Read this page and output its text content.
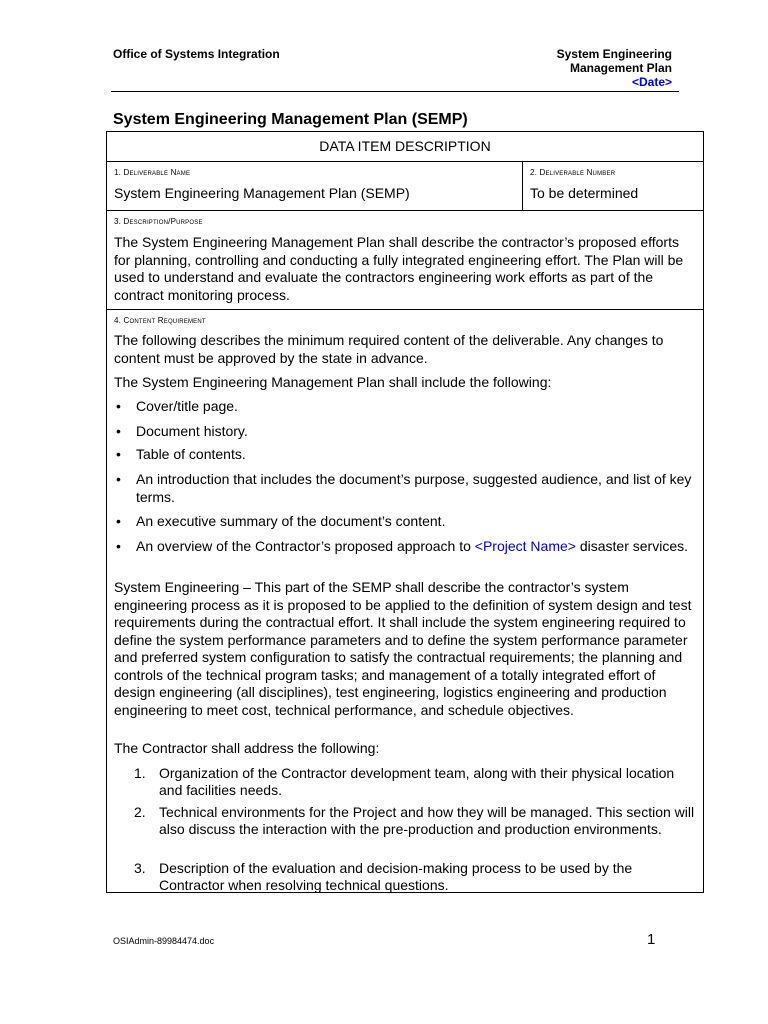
Office of Systems Integration	System Engineering
Management Plan
<Date>
System Engineering Management Plan (SEMP)
DATA ITEM DESCRIPTION
1. Deliverable Name
System Engineering Management Plan (SEMP)
2. Deliverable Number
To be determined
3. Description/Purpose
The System Engineering Management Plan shall describe the contractor’s proposed efforts for planning, controlling and conducting a fully integrated engineering effort. The Plan will be used to understand and evaluate the contractors engineering work efforts as part of the contract monitoring process.
4. Content Requirement
The following describes the minimum required content of the deliverable. Any changes to content must be approved by the state in advance.
The System Engineering Management Plan shall include the following:
• Cover/title page.
• Document history.
• Table of contents.
• An introduction that includes the document’s purpose, suggested audience, and list of key terms.
• An executive summary of the document’s content.
• An overview of the Contractor’s proposed approach to <Project Name> disaster services.
System Engineering – This part of the SEMP shall describe the contractor’s system engineering process as it is proposed to be applied to the definition of system design and test requirements during the contractual effort. It shall include the system engineering required to define the system performance parameters and to define the system performance parameter and preferred system configuration to satisfy the contractual requirements; the planning and controls of the technical program tasks; and management of a totally integrated effort of design engineering (all disciplines), test engineering, logistics engineering and production engineering to meet cost, technical performance, and schedule objectives.
The Contractor shall address the following:
1. Organization of the Contractor development team, along with their physical location and facilities needs.
2. Technical environments for the Project and how they will be managed. This section will also discuss the interaction with the pre-production and production environments.
3. Description of the evaluation and decision-making process to be used by the Contractor when resolving technical questions.
OSIAdmin-89984474.doc	1
